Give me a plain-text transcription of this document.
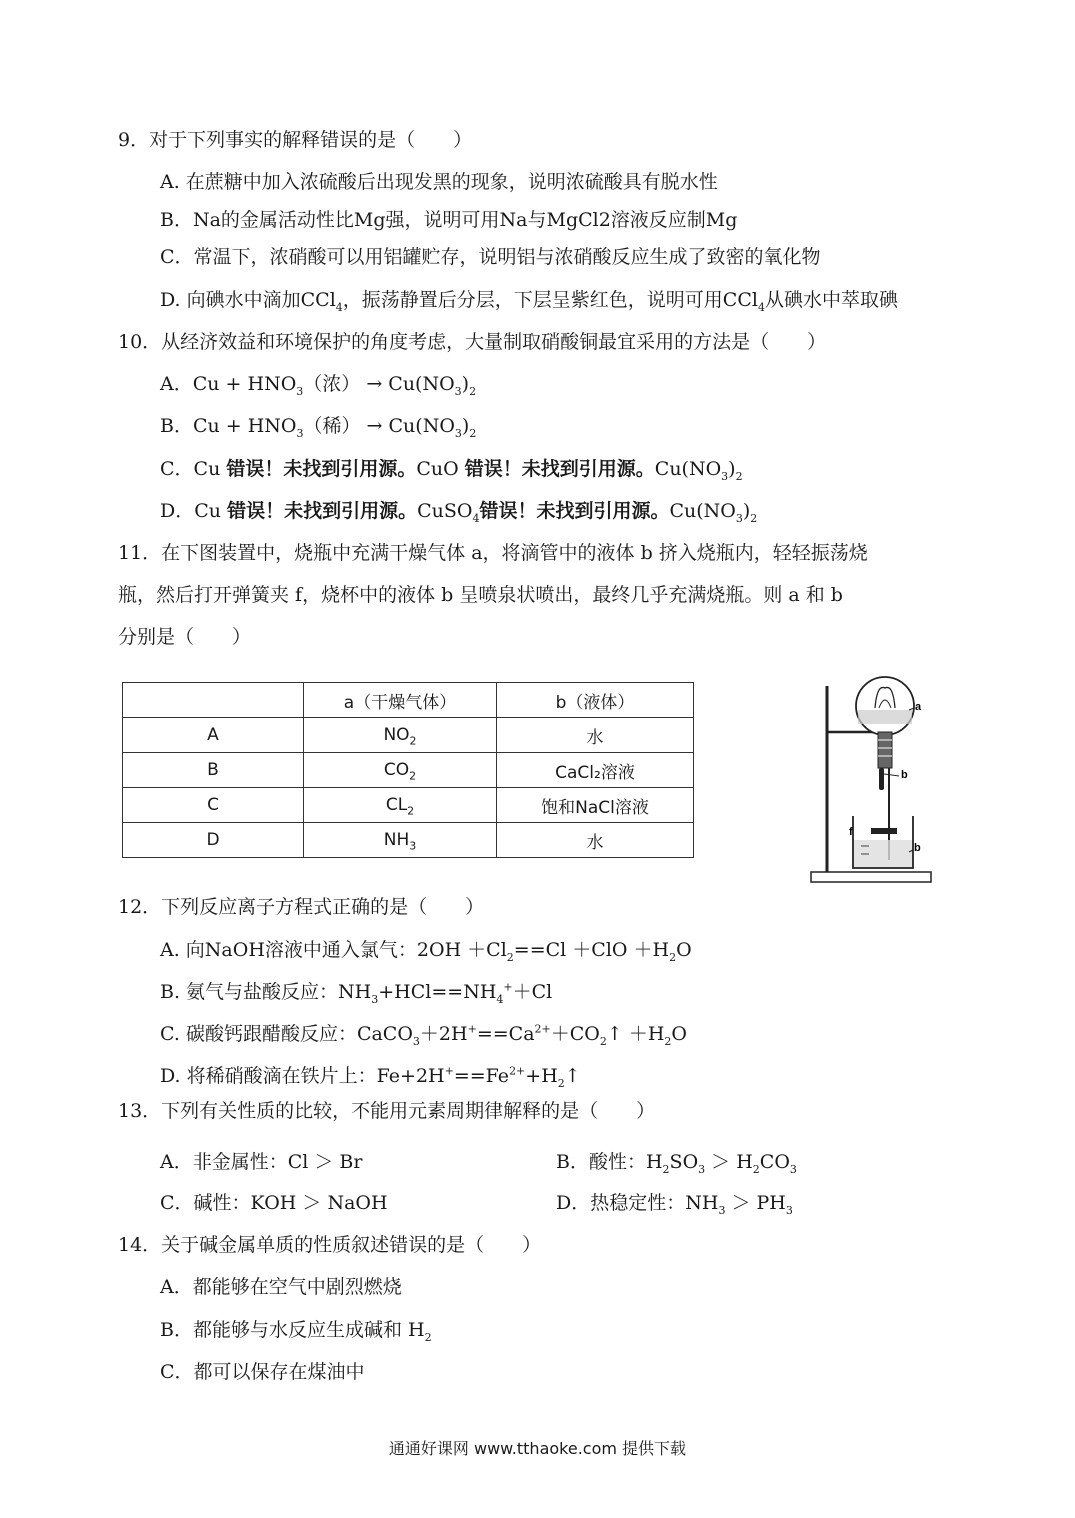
9．对于下列事实的解释错误的是（　　）
A. 在蔗糖中加入浓硫酸后出现发黑的现象，说明浓硫酸具有脱水性
B．Na的金属活动性比Mg强，说明可用Na与MgCl2溶液反应制Mg
C．常温下，浓硝酸可以用铝罐贮存，说明铝与浓硝酸反应生成了致密的氧化物
D. 向碘水中滴加CCl$_4$，振荡静置后分层，下层呈紫红色，说明可用CCl$_4$从碘水中萃取碘
10．从经济效益和环境保护的角度考虑，大量制取硝酸铜最宜采用的方法是（　　）
A．$Cu + HNO_3$（浓） → $Cu(NO_3)_2$
B．$Cu + HNO_3$（稀） → $Cu(NO_3)_2$
C．Cu 错误！未找到引用源。CuO 错误！未找到引用源。$Cu(NO_3)_2$
D．Cu 错误！未找到引用源。CuSO$_4$错误！未找到引用源。$Cu(NO_3)_2$
11．在下图装置中，烧瓶中充满干燥气体 a，将滴管中的液体 b 挤入烧瓶内，轻轻振荡烧
瓶，然后打开弹簧夹 f，烧杯中的液体 b 呈喷泉状喷出，最终几乎充满烧瓶。则 a 和 b
分别是（　　）
	a（干燥气体）	b（液体）
A	$NO_2$	水
B	$CO_2$	CaCl₂溶液
C	$CL_2$	饱和NaCl溶液
D	$NH_3$	水
a
b
f
b
12．下列反应离子方程式正确的是（　　）
A. 向NaOH溶液中通入氯气：$2OH +Cl_2==Cl +ClO +H_2O$
B. 氨气与盐酸反应：$NH_3+HCl==NH_4^++Cl$
C. 碳酸钙跟醋酸反应：$CaCO_3+2H^+==Ca^{2+}+CO_2↑ +H_2O$
D. 将稀硝酸滴在铁片上：$Fe+2H^+==Fe^{2+}+H_2↑$
13．下列有关性质的比较，不能用元素周期律解释的是（　　）
A．非金属性：Cl ＞ Br	B．酸性：$H_2SO_3 > H_2CO_3$
C．碱性：KOH ＞ NaOH	D．热稳定性：$NH_3 > PH_3$
14．关于碱金属单质的性质叙述错误的是（　　）
A．都能够在空气中剧烈燃烧
B．都能够与水反应生成碱和 $H_2$
C．都可以保存在煤油中
通通好课网 www.tthaoke.com 提供下载
